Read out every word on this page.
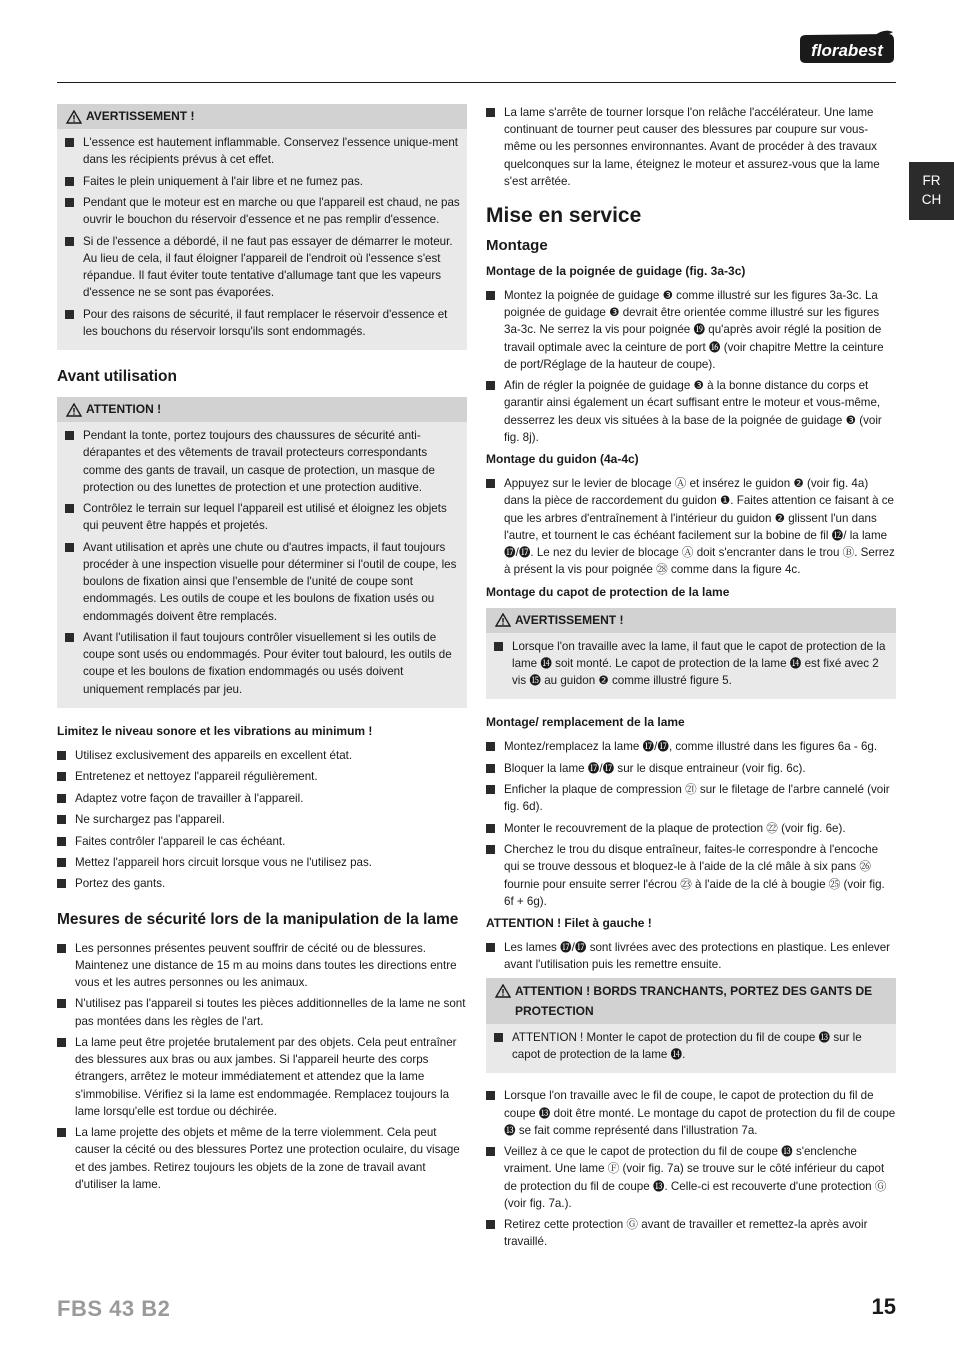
florabest
FR
CH
AVERTISSEMENT !
L'essence est hautement inflammable. Conservez l'essence unique-ment dans les récipients prévus à cet effet.
Faites le plein uniquement à l'air libre et ne fumez pas.
Pendant que le moteur est en marche ou que l'appareil est chaud, ne pas ouvrir le bouchon du réservoir d'essence et ne pas remplir d'essence.
Si de l'essence a débordé, il ne faut pas essayer de démarrer le moteur. Au lieu de cela, il faut éloigner l'appareil de l'endroit où l'essence s'est répandue. Il faut éviter toute tentative d'allumage tant que les vapeurs d'essence ne se sont pas évaporées.
Pour des raisons de sécurité, il faut remplacer le réservoir d'essence et les bouchons du réservoir lorsqu'ils sont endommagés.
Avant utilisation
ATTENTION !
Pendant la tonte, portez toujours des chaussures de sécurité anti-dérapantes et des vêtements de travail protecteurs correspondants comme des gants de travail, un casque de protection, un masque de protection ou des lunettes de protection et une protection auditive.
Contrôlez le terrain sur lequel l'appareil est utilisé et éloignez les objets qui peuvent être happés et projetés.
Avant utilisation et après une chute ou d'autres impacts, il faut toujours procéder à une inspection visuelle pour déterminer si l'outil de coupe, les boulons de fixation ainsi que l'ensemble de l'unité de coupe sont endommagés. Les outils de coupe et les boulons de fixation usés ou endommagés doivent être remplacés.
Avant l'utilisation il faut toujours contrôler visuellement si les outils de coupe sont usés ou endommagés. Pour éviter tout balourd, les outils de coupe et les boulons de fixation endommagés ou usés doivent uniquement remplacés par jeu.
Limitez le niveau sonore et les vibrations au minimum !
Utilisez exclusivement des appareils en excellent état.
Entretenez et nettoyez l'appareil régulièrement.
Adaptez votre façon de travailler à l'appareil.
Ne surchargez pas l'appareil.
Faites contrôler l'appareil le cas échéant.
Mettez l'appareil hors circuit lorsque vous ne l'utilisez pas.
Portez des gants.
Mesures de sécurité lors de la manipulation de la lame
Les personnes présentes peuvent souffrir de cécité ou de blessures. Maintenez une distance de 15 m au moins dans toutes les directions entre vous et les autres personnes ou les animaux.
N'utilisez pas l'appareil si toutes les pièces additionnelles de la lame ne sont pas montées dans les règles de l'art.
La lame peut être projetée brutalement par des objets. Cela peut entraîner des blessures aux bras ou aux jambes. Si l'appareil heurte des corps étrangers, arrêtez le moteur immédiatement et attendez que la lame s'immobilise. Vérifiez si la lame est endommagée. Remplacez toujours la lame lorsqu'elle est tordue ou déchirée.
La lame projette des objets et même de la terre violemment. Cela peut causer la cécité ou des blessures Portez une protection oculaire, du visage et des jambes. Retirez toujours les objets de la zone de travail avant d'utiliser la lame.
La lame s'arrête de tourner lorsque l'on relâche l'accélérateur. Une lame continuant de tourner peut causer des blessures par coupure sur vous-même ou les personnes environnantes. Avant de procéder à des travaux quelconques sur la lame, éteignez le moteur et assurez-vous que la lame s'est arrêtée.
Mise en service
Montage
Montage de la poignée de guidage (fig. 3a-3c)
Montez la poignée de guidage ❸ comme illustré sur les figures 3a-3c. La poignée de guidage ❸ devrait être orientée comme illustré sur les figures 3a-3c. Ne serrez la vis pour poignée ⓳ qu'après avoir réglé la position de travail optimale avec la ceinture de port ⓰ (voir chapitre Mettre la ceinture de port/Réglage de la hauteur de coupe).
Afin de régler la poignée de guidage ❸ à la bonne distance du corps et garantir ainsi également un écart suffisant entre le moteur et vous-même, desserrez les deux vis situées à la base de la poignée de guidage ❸ (voir fig. 8j).
Montage du guidon (4a-4c)
Appuyez sur le levier de blocage Ⓐ et insérez le guidon ❷ (voir fig. 4a) dans la pièce de raccordement du guidon ❶. Faites attention ce faisant à ce que les arbres d'entraînement à l'intérieur du guidon ❷ glissent l'un dans l'autre, et tournent le cas échéant facilement sur la bobine de fil ⓬/ la lame ⓱/⓱. Le nez du levier de blocage Ⓐ doit s'encranter dans le trou Ⓑ. Serrez à présent la vis pour poignée ㉘ comme dans la figure 4c.
Montage du capot de protection de la lame
AVERTISSEMENT !
Lorsque l'on travaille avec la lame, il faut que le capot de protection de la lame ⓮ soit monté. Le capot de protection de la lame ⓮ est fixé avec 2 vis ⓯ au guidon ❷ comme illustré figure 5.
Montage/ remplacement de la lame
Montez/remplacez la lame ⓱/⓱, comme illustré dans les figures 6a - 6g.
Bloquer la lame ⓱/⓱ sur le disque entraineur (voir fig. 6c).
Enficher la plaque de compression ㉑ sur le filetage de l'arbre cannelé (voir fig. 6d).
Monter le recouvrement de la plaque de protection ㉒ (voir fig. 6e).
Cherchez le trou du disque entraîneur, faites-le correspondre à l'encoche qui se trouve dessous et bloquez-le à l'aide de la clé mâle à six pans ㉖ fournie pour ensuite serrer l'écrou ㉓ à l'aide de la clé à bougie ㉕ (voir fig. 6f + 6g).
ATTENTION ! Filet à gauche !
Les lames ⓱/⓱ sont livrées avec des protections en plastique. Les enlever avant l'utilisation puis les remettre ensuite.
ATTENTION ! BORDS TRANCHANTS, PORTEZ DES GANTS DE PROTECTION
ATTENTION ! Monter le capot de protection du fil de coupe ⓭ sur le capot de protection de la lame ⓮.
Lorsque l'on travaille avec le fil de coupe, le capot de protection du fil de coupe ⓭ doit être monté. Le montage du capot de protection du fil de coupe ⓭ se fait comme représenté dans l'illustration 7a.
Veillez à ce que le capot de protection du fil de coupe ⓭ s'enclenche vraiment. Une lame Ⓕ (voir fig. 7a) se trouve sur le côté inférieur du capot de protection du fil de coupe ⓭. Celle-ci est recouverte d'une protection Ⓖ (voir fig. 7a.).
Retirez cette protection Ⓖ avant de travailler et remettez-la après avoir travaillé.
FBS 43 B2	15
